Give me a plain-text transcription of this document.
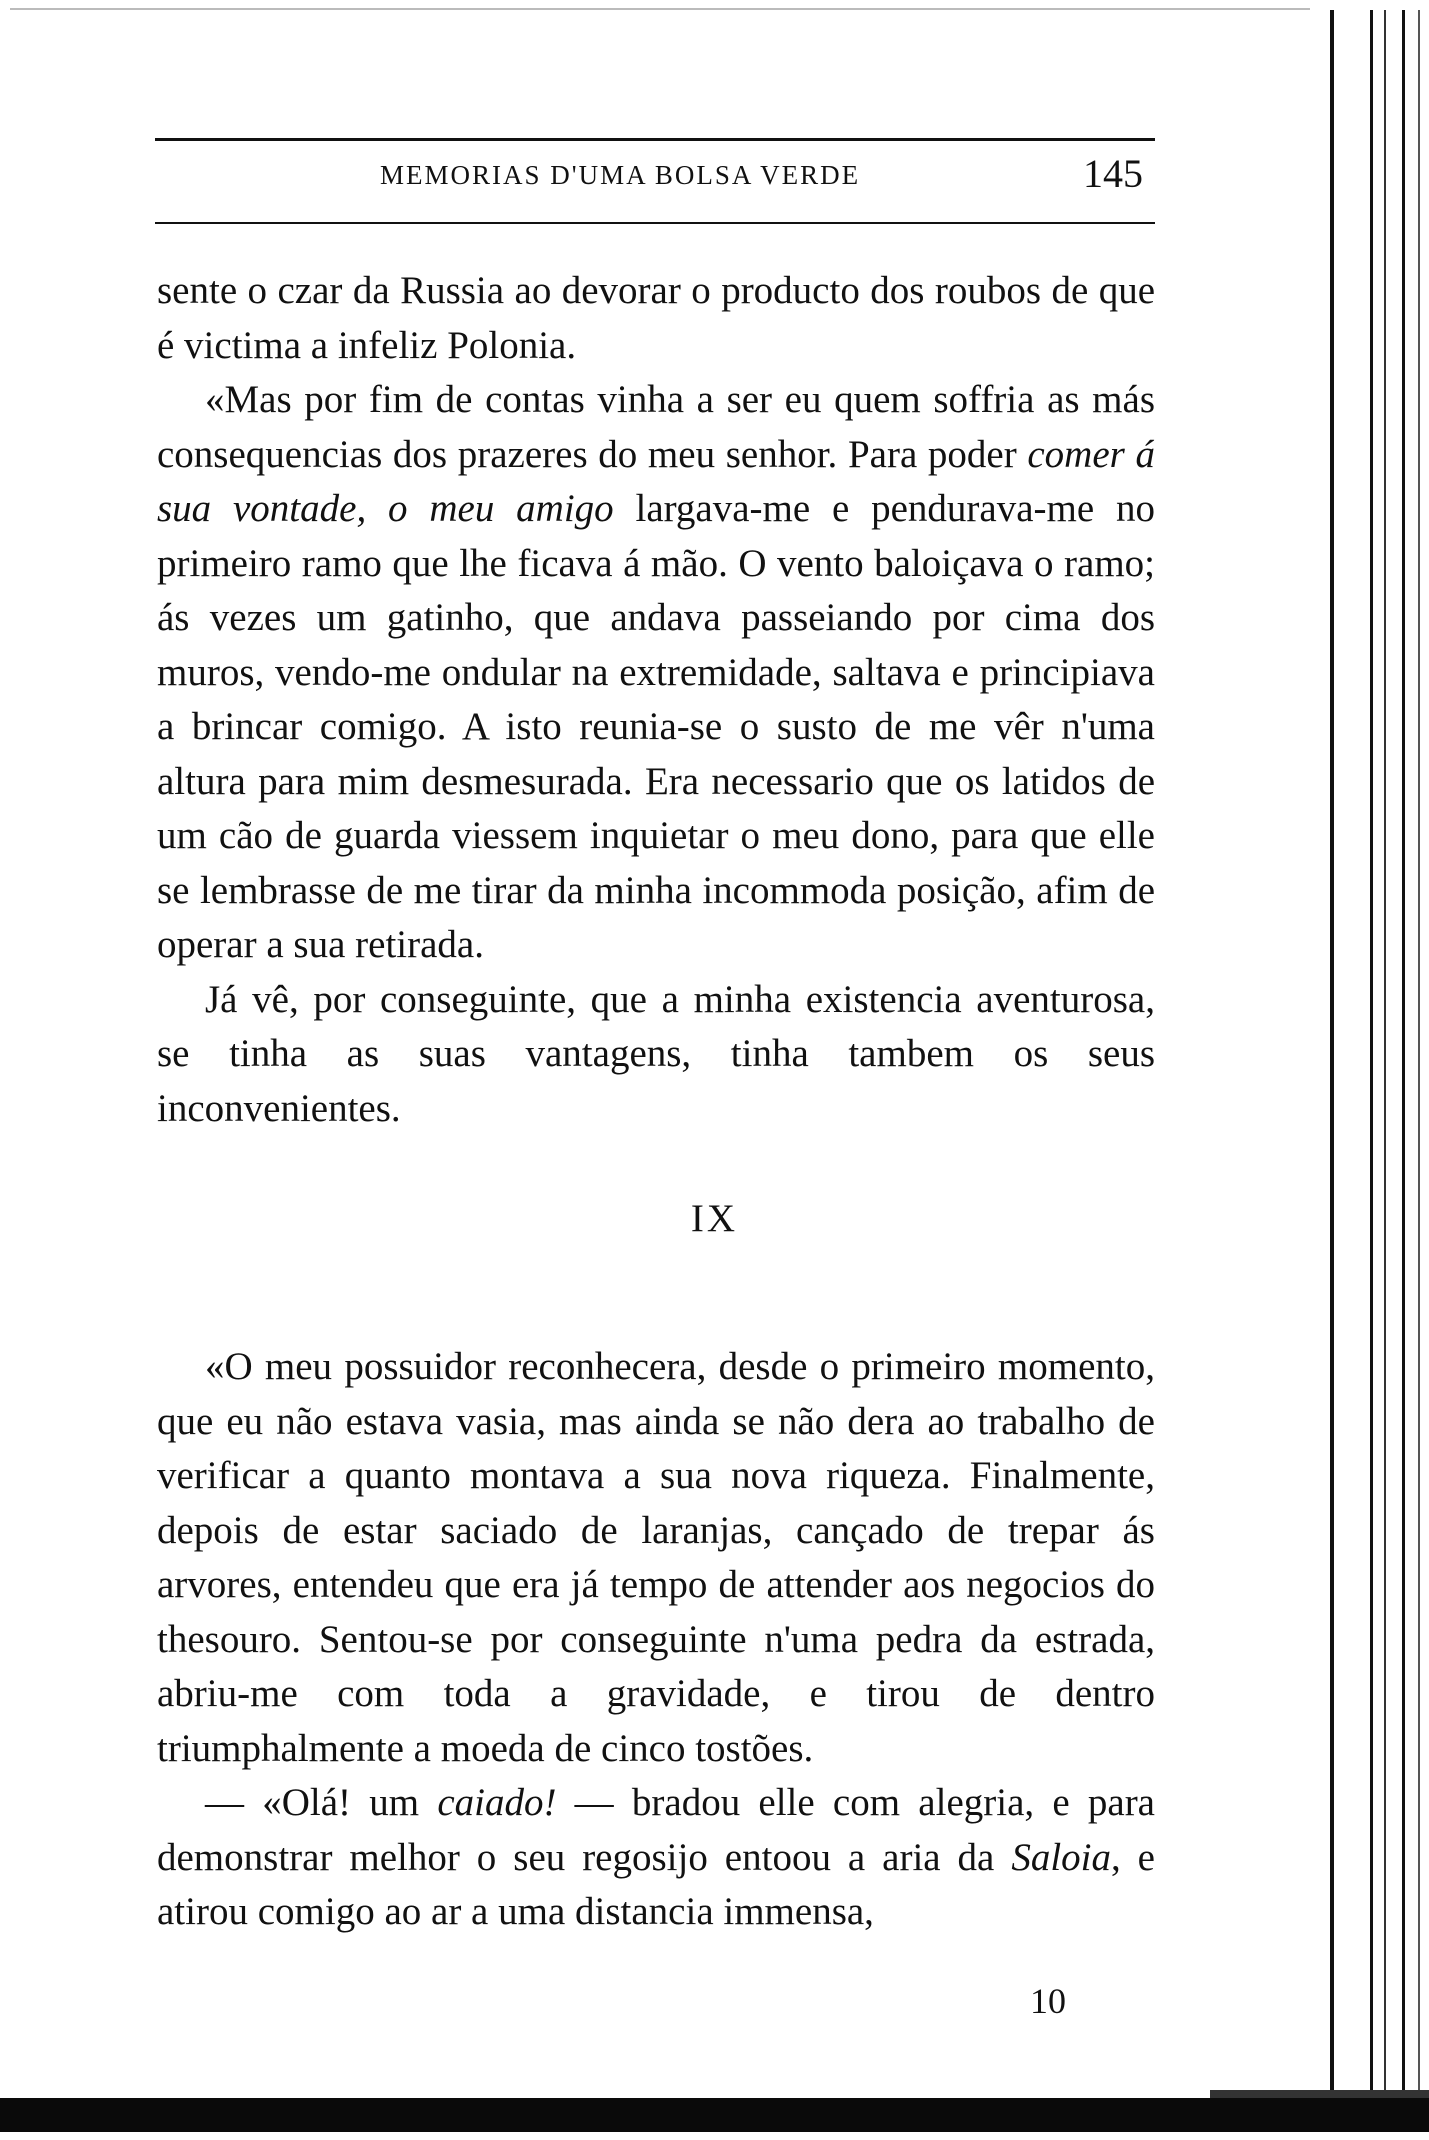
MEMORIAS D'UMA BOLSA VERDE	145

sente o czar da Russia ao devorar o producto dos roubos de que é victima a infeliz Polonia.

«Mas por fim de contas vinha a ser eu quem soffria as más consequencias dos prazeres do meu senhor. Para poder comer á sua vontade, o meu amigo largava-me e pendurava-me no primeiro ramo que lhe ficava á mão. O vento baloiçava o ramo; ás vezes um gatinho, que andava passeiando por cima dos muros, vendo-me ondular na extremidade, saltava e principiava a brincar comigo. A isto reunia-se o susto de me vêr n'uma altura para mim desmesurada. Era necessario que os latidos de um cão de guarda viessem inquietar o meu dono, para que elle se lembrasse de me tirar da minha incommoda posição, afim de operar a sua retirada.

Já vê, por conseguinte, que a minha existencia aventurosa, se tinha as suas vantagens, tinha tambem os seus inconvenientes.

IX

«O meu possuidor reconhecera, desde o primeiro momento, que eu não estava vasia, mas ainda se não dera ao trabalho de verificar a quanto montava a sua nova riqueza. Finalmente, depois de estar saciado de laranjas, cançado de trepar ás arvores, entendeu que era já tempo de attender aos negocios do thesouro. Sentou-se por conseguinte n'uma pedra da estrada, abriu-me com toda a gravidade, e tirou de dentro triumphalmente a moeda de cinco tostões.

— «Olá! um caiado! — bradou elle com alegria, e para demonstrar melhor o seu regosijo entoou a aria da Saloia, e atirou comigo ao ar a uma distancia immensa,

10
